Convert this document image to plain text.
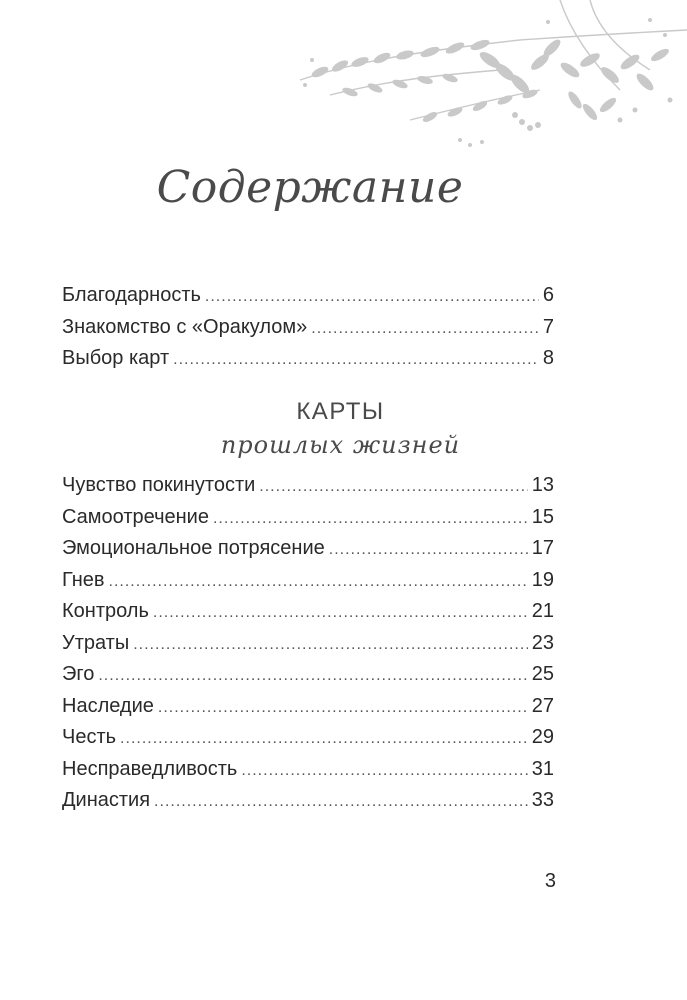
Содержание
Благодарность .....	6
Знакомство с «Оракулом» .....	7
Выбор карт .....	8
КАРТЫ
прошлых жизней
Чувство покинутости .....	13
Самоотречение .....	15
Эмоциональное потрясение .....	17
Гнев .....	19
Контроль .....	21
Утраты .....	23
Эго .....	25
Наследие .....	27
Честь .....	29
Несправедливость .....	31
Династия .....	33
3
